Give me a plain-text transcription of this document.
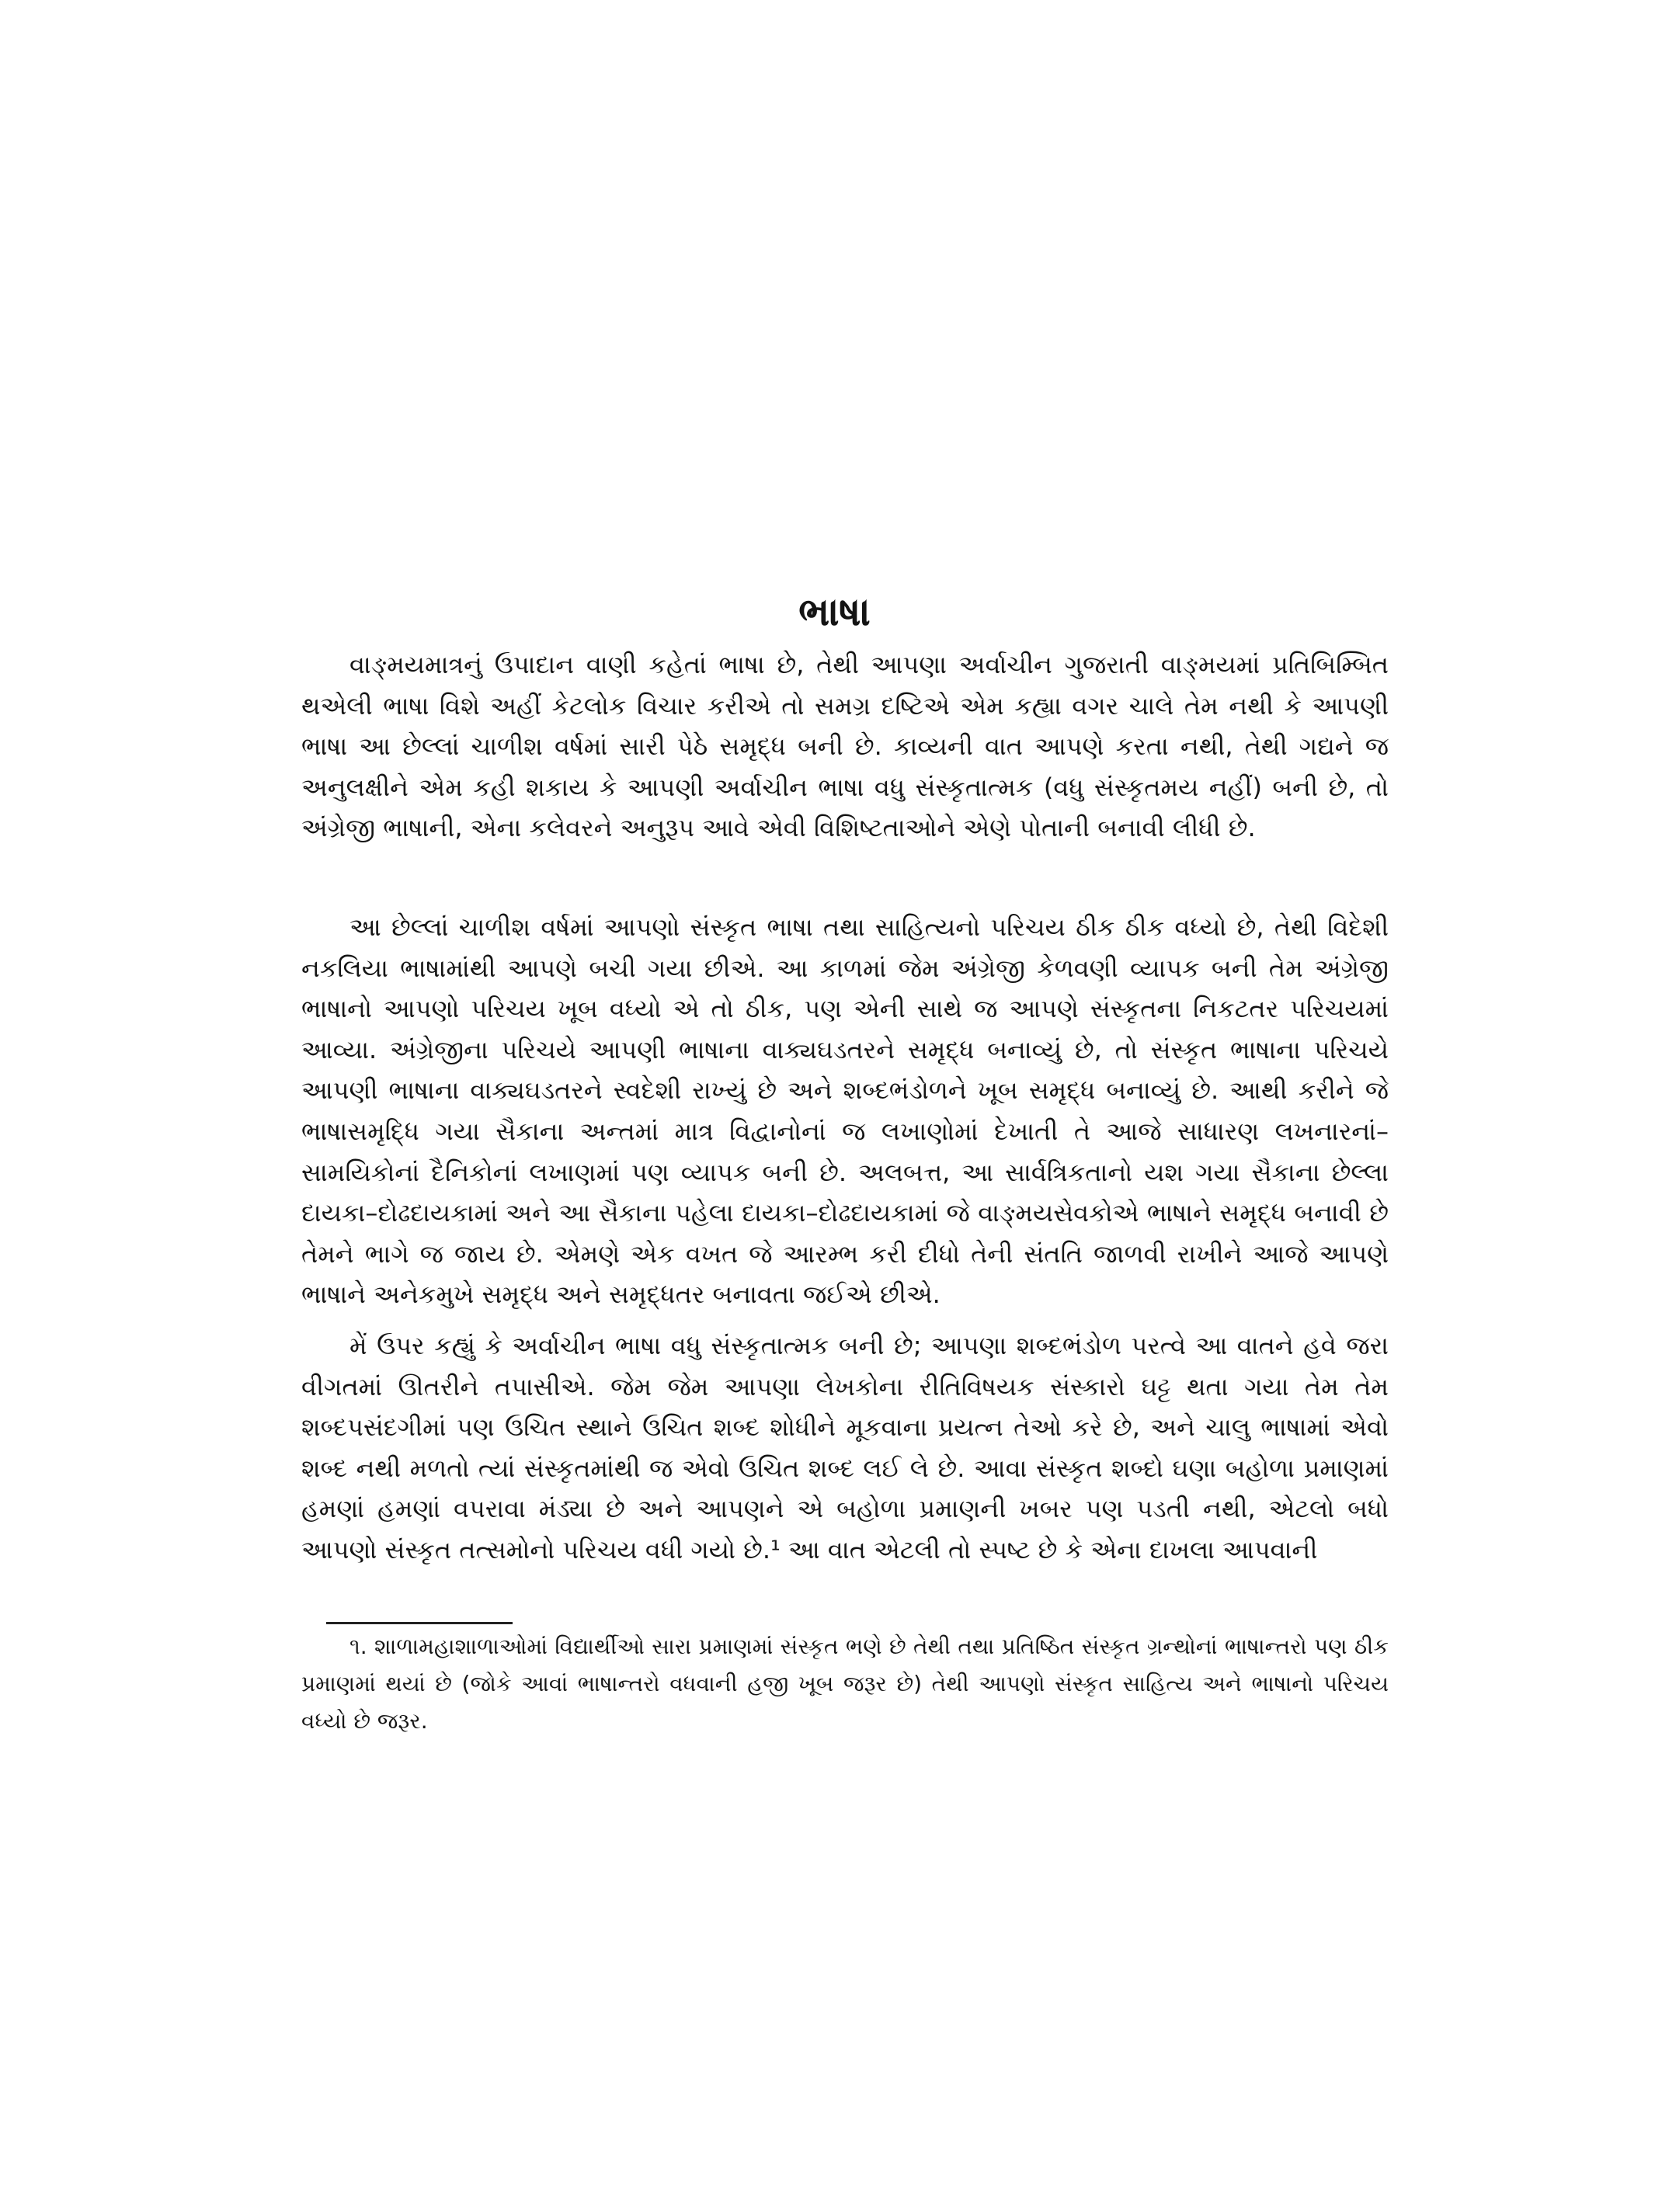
ભાષા

વાઙ્મયમાત્રનું ઉપાદાન વાણી કહેતાં ભાષા છે, તેથી આપણા અર્વાચીન ગુજરાતી વાઙ્મયમાં પ્રતિબિમ્બિત થએલી ભાષા વિશે અહીં કેટલોક વિચાર કરીએ તો સમગ્ર દષ્ટિએ એમ કહ્યા વગર ચાલે તેમ નથી કે આપણી ભાષા આ છેલ્લાં ચાળીશ વર્ષમાં સારી પેઠે સમૃદ્ધ બની છે. કાવ્યની વાત આપણે કરતા નથી, તેથી ગદ્યને જ અનુલક્ષીને એમ કહી શકાય કે આપણી અર્વાચીન ભાષા વધુ સંસ્કૃતાત્મક (વધુ સંસ્કૃતમય નહીં) બની છે, તો અંગ્રેજી ભાષાની, એના કલેવરને અનુરૂપ આવે એવી વિશિષ્ટતાઓને એણે પોતાની બનાવી લીધી છે.

આ છેલ્લાં ચાળીશ વર્ષમાં આપણો સંસ્કૃત ભાષા તથા સાહિત્યનો પરિચય ઠીક ઠીક વધ્યો છે, તેથી વિદેશી નકલિયા ભાષામાંથી આપણે બચી ગયા છીએ. આ કાળમાં જેમ અંગ્રેજી કેળવણી વ્યાપક બની તેમ અંગ્રેજી ભાષાનો આપણો પરિચય ખૂબ વધ્યો એ તો ઠીક, પણ એની સાથે જ આપણે સંસ્કૃતના નિકટતર પરિચયમાં આવ્યા. અંગ્રેજીના પરિચયે આપણી ભાષાના વાક્યઘડતરને સમૃદ્ધ બનાવ્યું છે, તો સંસ્કૃત ભાષાના પરિચયે આપણી ભાષાના વાક્યઘડતરને સ્વદેશી રાખ્યું છે અને શબ્દભંડોળને ખૂબ સમૃદ્ધ બનાવ્યું છે. આથી કરીને જે ભાષાસમૃદ્ધિ ગયા સૈકાના અન્તમાં માત્ર વિદ્વાનોનાં જ લખાણોમાં દેખાતી તે આજે સાધારણ લખનારનાં–સામયિકોનાં દૈનિકોનાં લખાણમાં પણ વ્યાપક બની છે. અલબત્ત, આ સાર્વત્રિકતાનો યશ ગયા સૈકાના છેલ્લા દાયકા–દોઢદાયકામાં અને આ સૈકાના પહેલા દાયકા–દોઢદાયકામાં જે વાઙ્મયસેવકોએ ભાષાને સમૃદ્ધ બનાવી છે તેમને ભાગે જ જાય છે. એમણે એક વખત જે આરમ્ભ કરી દીધો તેની સંતતિ જાળવી રાખીને આજે આપણે ભાષાને અનેકમુખે સમૃદ્ધ અને સમૃદ્ધતર બનાવતા જઈએ છીએ.

મેં ઉપર કહ્યું કે અર્વાચીન ભાષા વધુ સંસ્કૃતાત્મક બની છે; આપણા શબ્દભંડોળ પરત્વે આ વાતને હવે જરા વીગતમાં ઊતરીને તપાસીએ. જેમ જેમ આપણા લેખકોના રીતિવિષયક સંસ્કારો ઘટ્ટ થતા ગયા તેમ તેમ શબ્દપસંદગીમાં પણ ઉચિત સ્થાને ઉચિત શબ્દ શોધીને મૂકવાના પ્રયત્ન તેઓ કરે છે, અને ચાલુ ભાષામાં એવો શબ્દ નથી મળતો ત્યાં સંસ્કૃતમાંથી જ એવો ઉચિત શબ્દ લઈ લે છે. આવા સંસ્કૃત શબ્દો ઘણા બહોળા પ્રમાણમાં હમણાં હમણાં વપરાવા મંડ્યા છે અને આપણને એ બહોળા પ્રમાણની ખબર પણ પડતી નથી, એટલો બધો આપણો સંસ્કૃત તત્સમોનો પરિચય વધી ગયો છે.¹ આ વાત એટલી તો સ્પષ્ટ છે કે એના દાખલા આપવાની

૧. શાળામહાશાળાઓમાં વિદ્યાર્થીઓ સારા પ્રમાણમાં સંસ્કૃત ભણે છે તેથી તથા પ્રતિષ્ઠિત સંસ્કૃત ગ્રન્થોનાં ભાષાન્તરો પણ ઠીક પ્રમાણમાં થયાં છે (જોકે આવાં ભાષાન્તરો વધવાની હજી ખૂબ જરૂર છે) તેથી આપણો સંસ્કૃત સાહિત્ય અને ભાષાનો પરિચય વધ્યો છે જરૂર.
